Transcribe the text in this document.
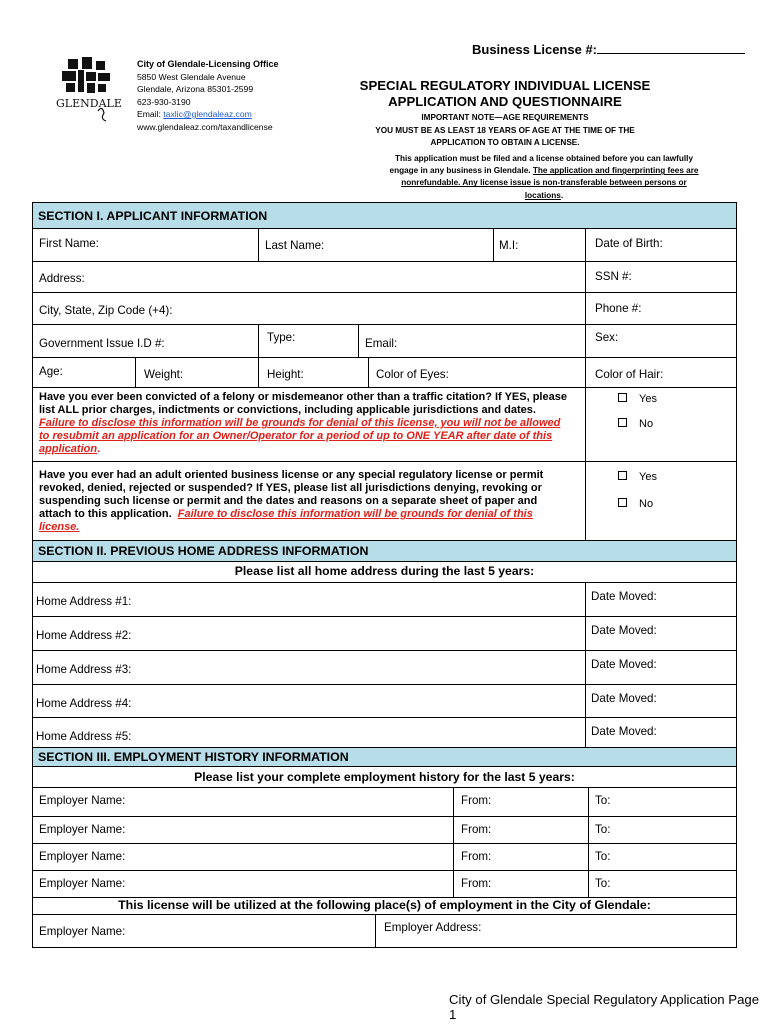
Business License #:
GLENDALE
City of Glendale-Licensing Office
5850 West Glendale Avenue
Glendale, Arizona 85301-2599
623-930-3190
Email: taxlic@glendaleaz.com
www.glendaleaz.com/taxandlicense
SPECIAL REGULATORY INDIVIDUAL LICENSE
APPLICATION AND QUESTIONNAIRE
IMPORTANT NOTE—AGE REQUIREMENTS
YOU MUST BE AS LEAST 18 YEARS OF AGE AT THE TIME OF THE
APPLICATION TO OBTAIN A LICENSE.
This application must be filed and a license obtained before you can lawfully
engage in any business in Glendale. The application and fingerprinting fees are
nonrefundable. Any license issue is non-transferable between persons or
locations.
SECTION I. APPLICANT INFORMATION
First Name:	Last Name:	M.I:	Date of Birth:
Address:	SSN #:
City, State, Zip Code (+4):	Phone #:
Government Issue I.D #:	Type:	Email:	Sex:
Age:	Weight:	Height:	Color of Eyes:	Color of Hair:
Have you ever been convicted of a felony or misdemeanor other than a traffic citation? If YES, please
list ALL prior charges, indictments or convictions, including applicable jurisdictions and dates.
Failure to disclose this information will be grounds for denial of this license, you will not be allowed
to resubmit an application for an Owner/Operator for a period of up to ONE YEAR after date of this
application.
Yes
No
Have you ever had an adult oriented business license or any special regulatory license or permit
revoked, denied, rejected or suspended? If YES, please list all jurisdictions denying, revoking or
suspending such license or permit and the dates and reasons on a separate sheet of paper and
attach to this application. Failure to disclose this information will be grounds for denial of this
license.
Yes
No
SECTION II. PREVIOUS HOME ADDRESS INFORMATION
Please list all home address during the last 5 years:
SECTION III. EMPLOYMENT HISTORY INFORMATION
Please list your complete employment history for the last 5 years:
This license will be utilized at the following place(s) of employment in the City of Glendale:
Employer Name:	Employer Address:
Home Address #1:	Date Moved:
Home Address #2:	Date Moved:
Home Address #3:	Date Moved:
Home Address #4:	Date Moved:
Home Address #5:	Date Moved:
Employer Name:	From:	To:
Employer Name:	From:	To:
Employer Name:	From:	To:
Employer Name:	From:	To:
City of Glendale Special Regulatory Application Page 1
